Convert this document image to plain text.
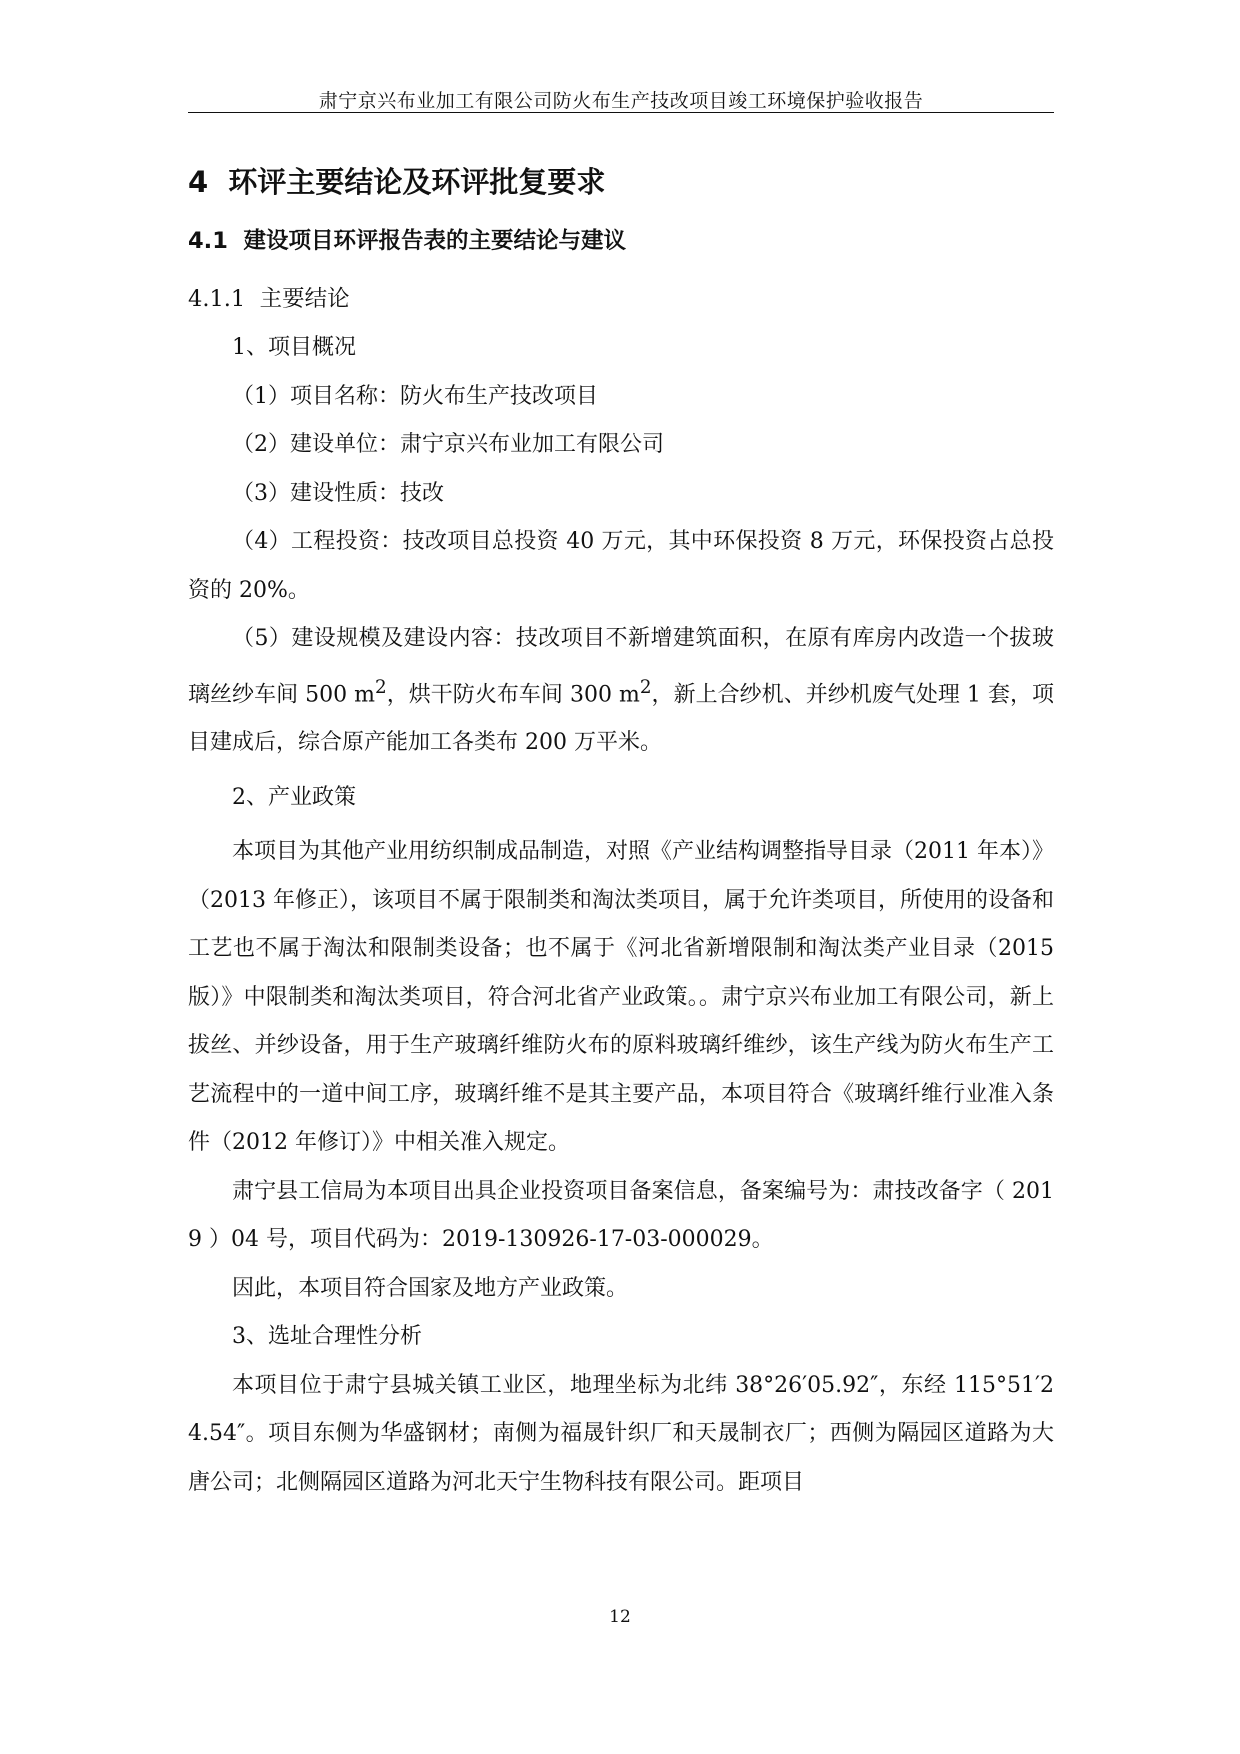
肃宁京兴布业加工有限公司防火布生产技改项目竣工环境保护验收报告
4 环评主要结论及环评批复要求
4.1 建设项目环评报告表的主要结论与建议
4.1.1 主要结论

1、项目概况

（1）项目名称：防火布生产技改项目

（2）建设单位：肃宁京兴布业加工有限公司

（3）建设性质：技改

（4）工程投资：技改项目总投资 40 万元，其中环保投资 8 万元，环保投资占总投资的 20%。

（5）建设规模及建设内容：技改项目不新增建筑面积，在原有库房内改造一个拔玻璃丝纱车间 500 $m^2$，烘干防火布车间 300 $m^2$，新上合纱机、并纱机废气处理 1 套，项目建成后，综合原产能加工各类布 200 万平米。

2、产业政策

本项目为其他产业用纺织制成品制造，对照《产业结构调整指导目录（2011 年本）》（2013 年修正），该项目不属于限制类和淘汰类项目，属于允许类项目，所使用的设备和工艺也不属于淘汰和限制类设备；也不属于《河北省新增限制和淘汰类产业目录（2015 版）》中限制类和淘汰类项目，符合河北省产业政策。。肃宁京兴布业加工有限公司，新上拔丝、并纱设备，用于生产玻璃纤维防火布的原料玻璃纤维纱，该生产线为防火布生产工艺流程中的一道中间工序，玻璃纤维不是其主要产品，本项目符合《玻璃纤维行业准入条件（2012 年修订）》中相关准入规定。

肃宁县工信局为本项目出具企业投资项目备案信息，备案编号为：肃技改备字（ 2019 ）04 号，项目代码为：2019-130926-17-03-000029。

因此，本项目符合国家及地方产业政策。

3、选址合理性分析

本项目位于肃宁县城关镇工业区，地理坐标为北纬 38°26′05.92″，东经 115°51′24.54″。项目东侧为华盛钢材；南侧为福晟针织厂和天晟制衣厂；西侧为隔园区道路为大唐公司；北侧隔园区道路为河北天宁生物科技有限公司。距项目

12
